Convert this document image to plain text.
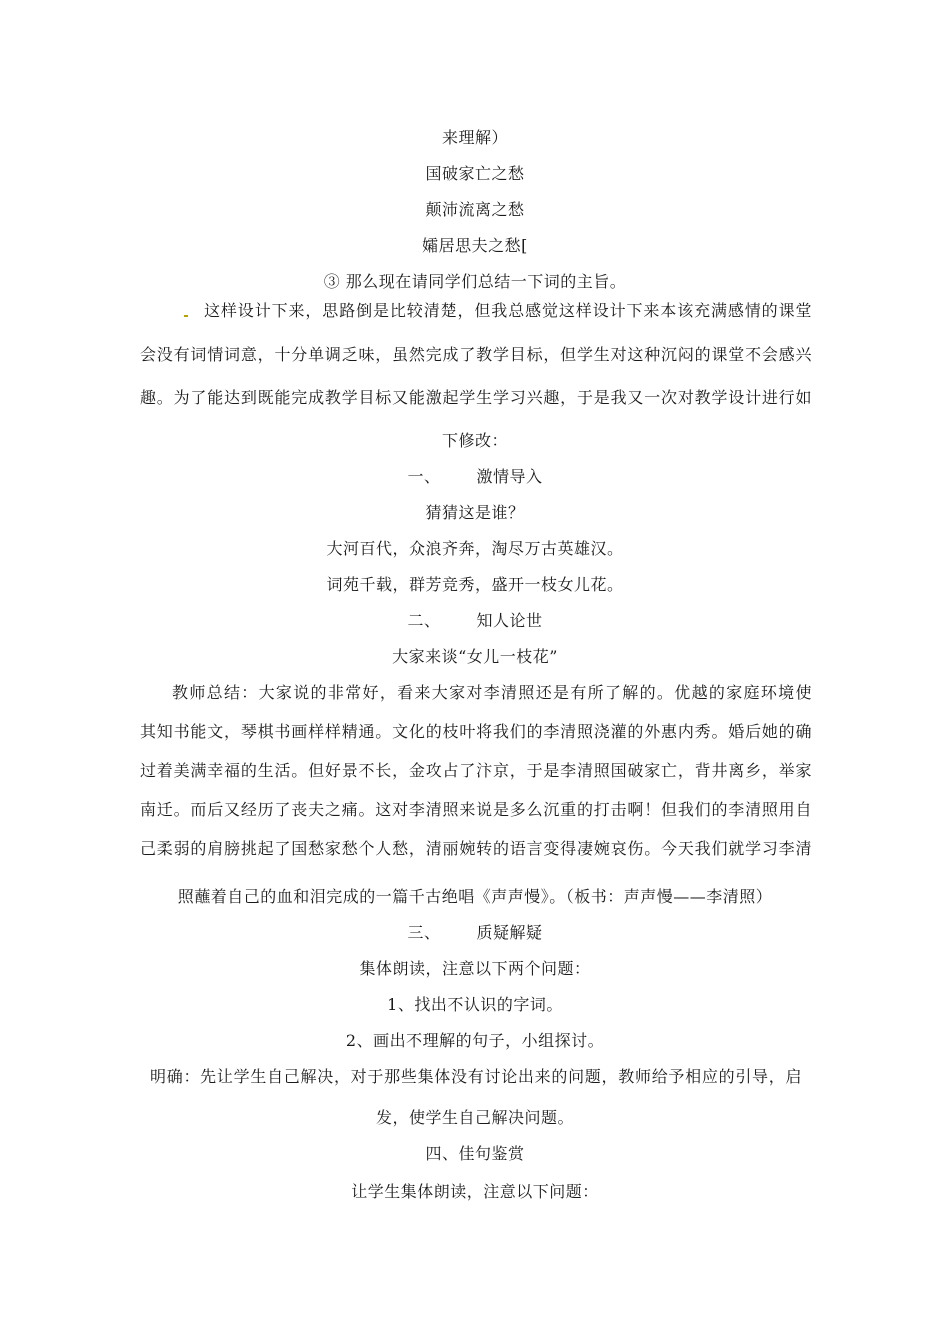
来理解）
国破家亡之愁
颠沛流离之愁
孀居思夫之愁[
③ 那么现在请同学们总结一下词的主旨。
这样设计下来，思路倒是比较清楚，但我总感觉这样设计下来本该充满感情的课堂
会没有词情词意，十分单调乏味，虽然完成了教学目标，但学生对这种沉闷的课堂不会感兴
趣。为了能达到既能完成教学目标又能激起学生学习兴趣，于是我又一次对教学设计进行如
下修改：
一、 激情导入
猜猜这是谁？
大河百代，众浪齐奔，淘尽万古英雄汉。
词苑千载，群芳竞秀，盛开一枝女儿花。
二、 知人论世
大家来谈“女儿一枝花”
教师总结：大家说的非常好，看来大家对李清照还是有所了解的。优越的家庭环境使
其知书能文，琴棋书画样样精通。文化的枝叶将我们的李清照浇灌的外惠内秀。婚后她的确
过着美满幸福的生活。但好景不长，金攻占了汴京，于是李清照国破家亡，背井离乡，举家
南迁。而后又经历了丧夫之痛。这对李清照来说是多么沉重的打击啊！但我们的李清照用自
己柔弱的肩膀挑起了国愁家愁个人愁，清丽婉转的语言变得凄婉哀伤。今天我们就学习李清
照蘸着自己的血和泪完成的一篇千古绝唱《声声慢》。（板书：声声慢——李清照）
三、 质疑解疑
集体朗读，注意以下两个问题：
1、找出不认识的字词。
2、画出不理解的句子，小组探讨。
明确：先让学生自己解决，对于那些集体没有讨论出来的问题，教师给予相应的引导，启
发，使学生自己解决问题。
四、佳句鉴赏
让学生集体朗读，注意以下问题：
